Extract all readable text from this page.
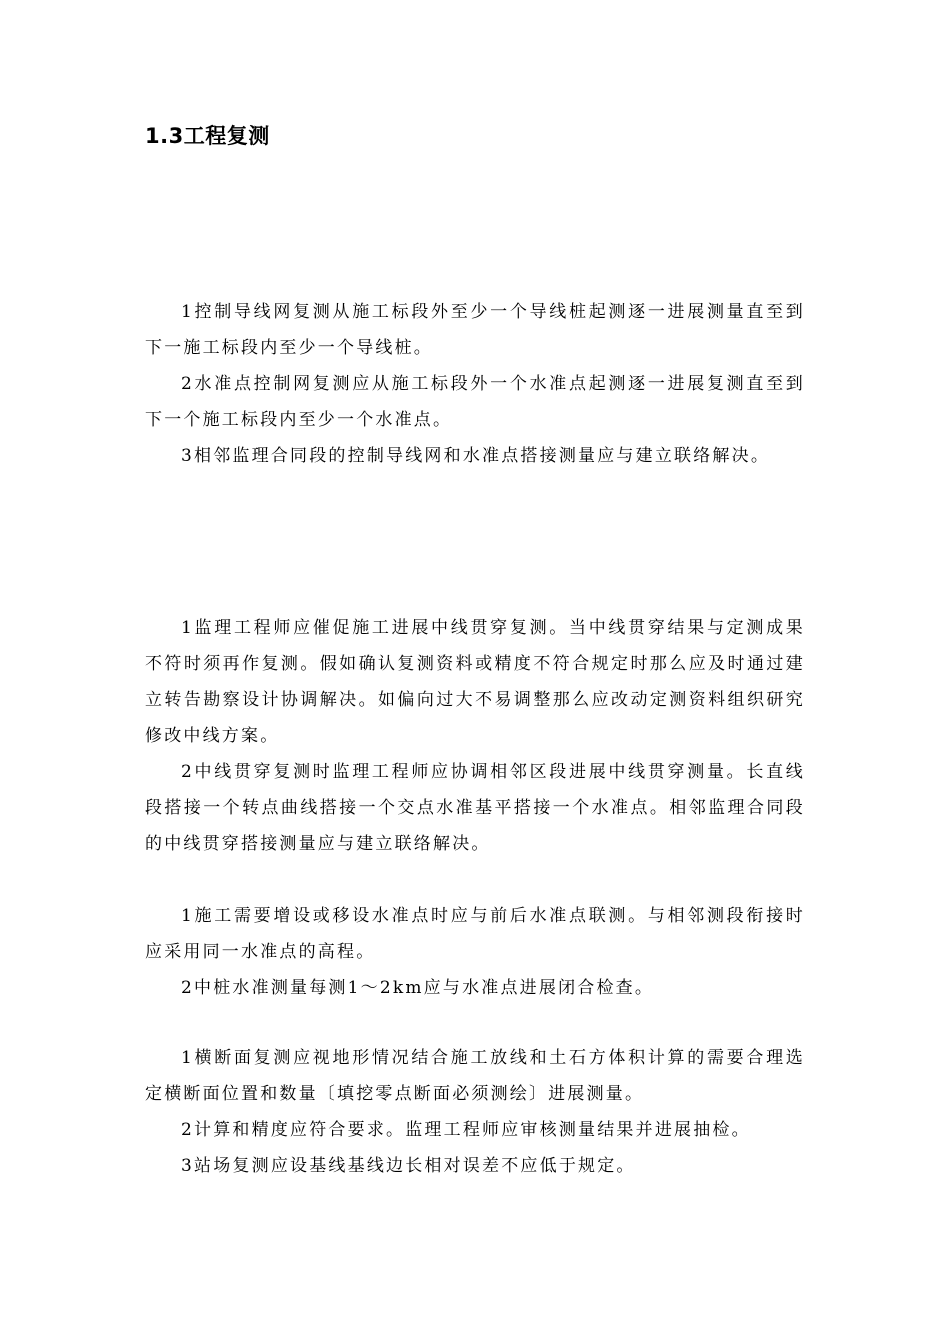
1.3工程复测

1控制导线网复测从施工标段外至少一个导线桩起测逐一进展测量直至到下一施工标段内至少一个导线桩。

2水准点控制网复测应从施工标段外一个水准点起测逐一进展复测直至到下一个施工标段内至少一个水准点。

3相邻监理合同段的控制导线网和水准点搭接测量应与建立联络解决。

1监理工程师应催促施工进展中线贯穿复测。当中线贯穿结果与定测成果不符时须再作复测。假如确认复测资料或精度不符合规定时那么应及时通过建立转告勘察设计协调解决。如偏向过大不易调整那么应改动定测资料组织研究修改中线方案。

2中线贯穿复测时监理工程师应协调相邻区段进展中线贯穿测量。长直线段搭接一个转点曲线搭接一个交点水准基平搭接一个水准点。相邻监理合同段的中线贯穿搭接测量应与建立联络解决。

1施工需要增设或移设水准点时应与前后水准点联测。与相邻测段衔接时应采用同一水准点的高程。

2中桩水准测量每测1～2km应与水准点进展闭合检查。

1横断面复测应视地形情况结合施工放线和土石方体积计算的需要合理选定横断面位置和数量〔填挖零点断面必须测绘〕进展测量。

2计算和精度应符合要求。监理工程师应审核测量结果并进展抽检。

3站场复测应设基线基线边长相对误差不应低于规定。
